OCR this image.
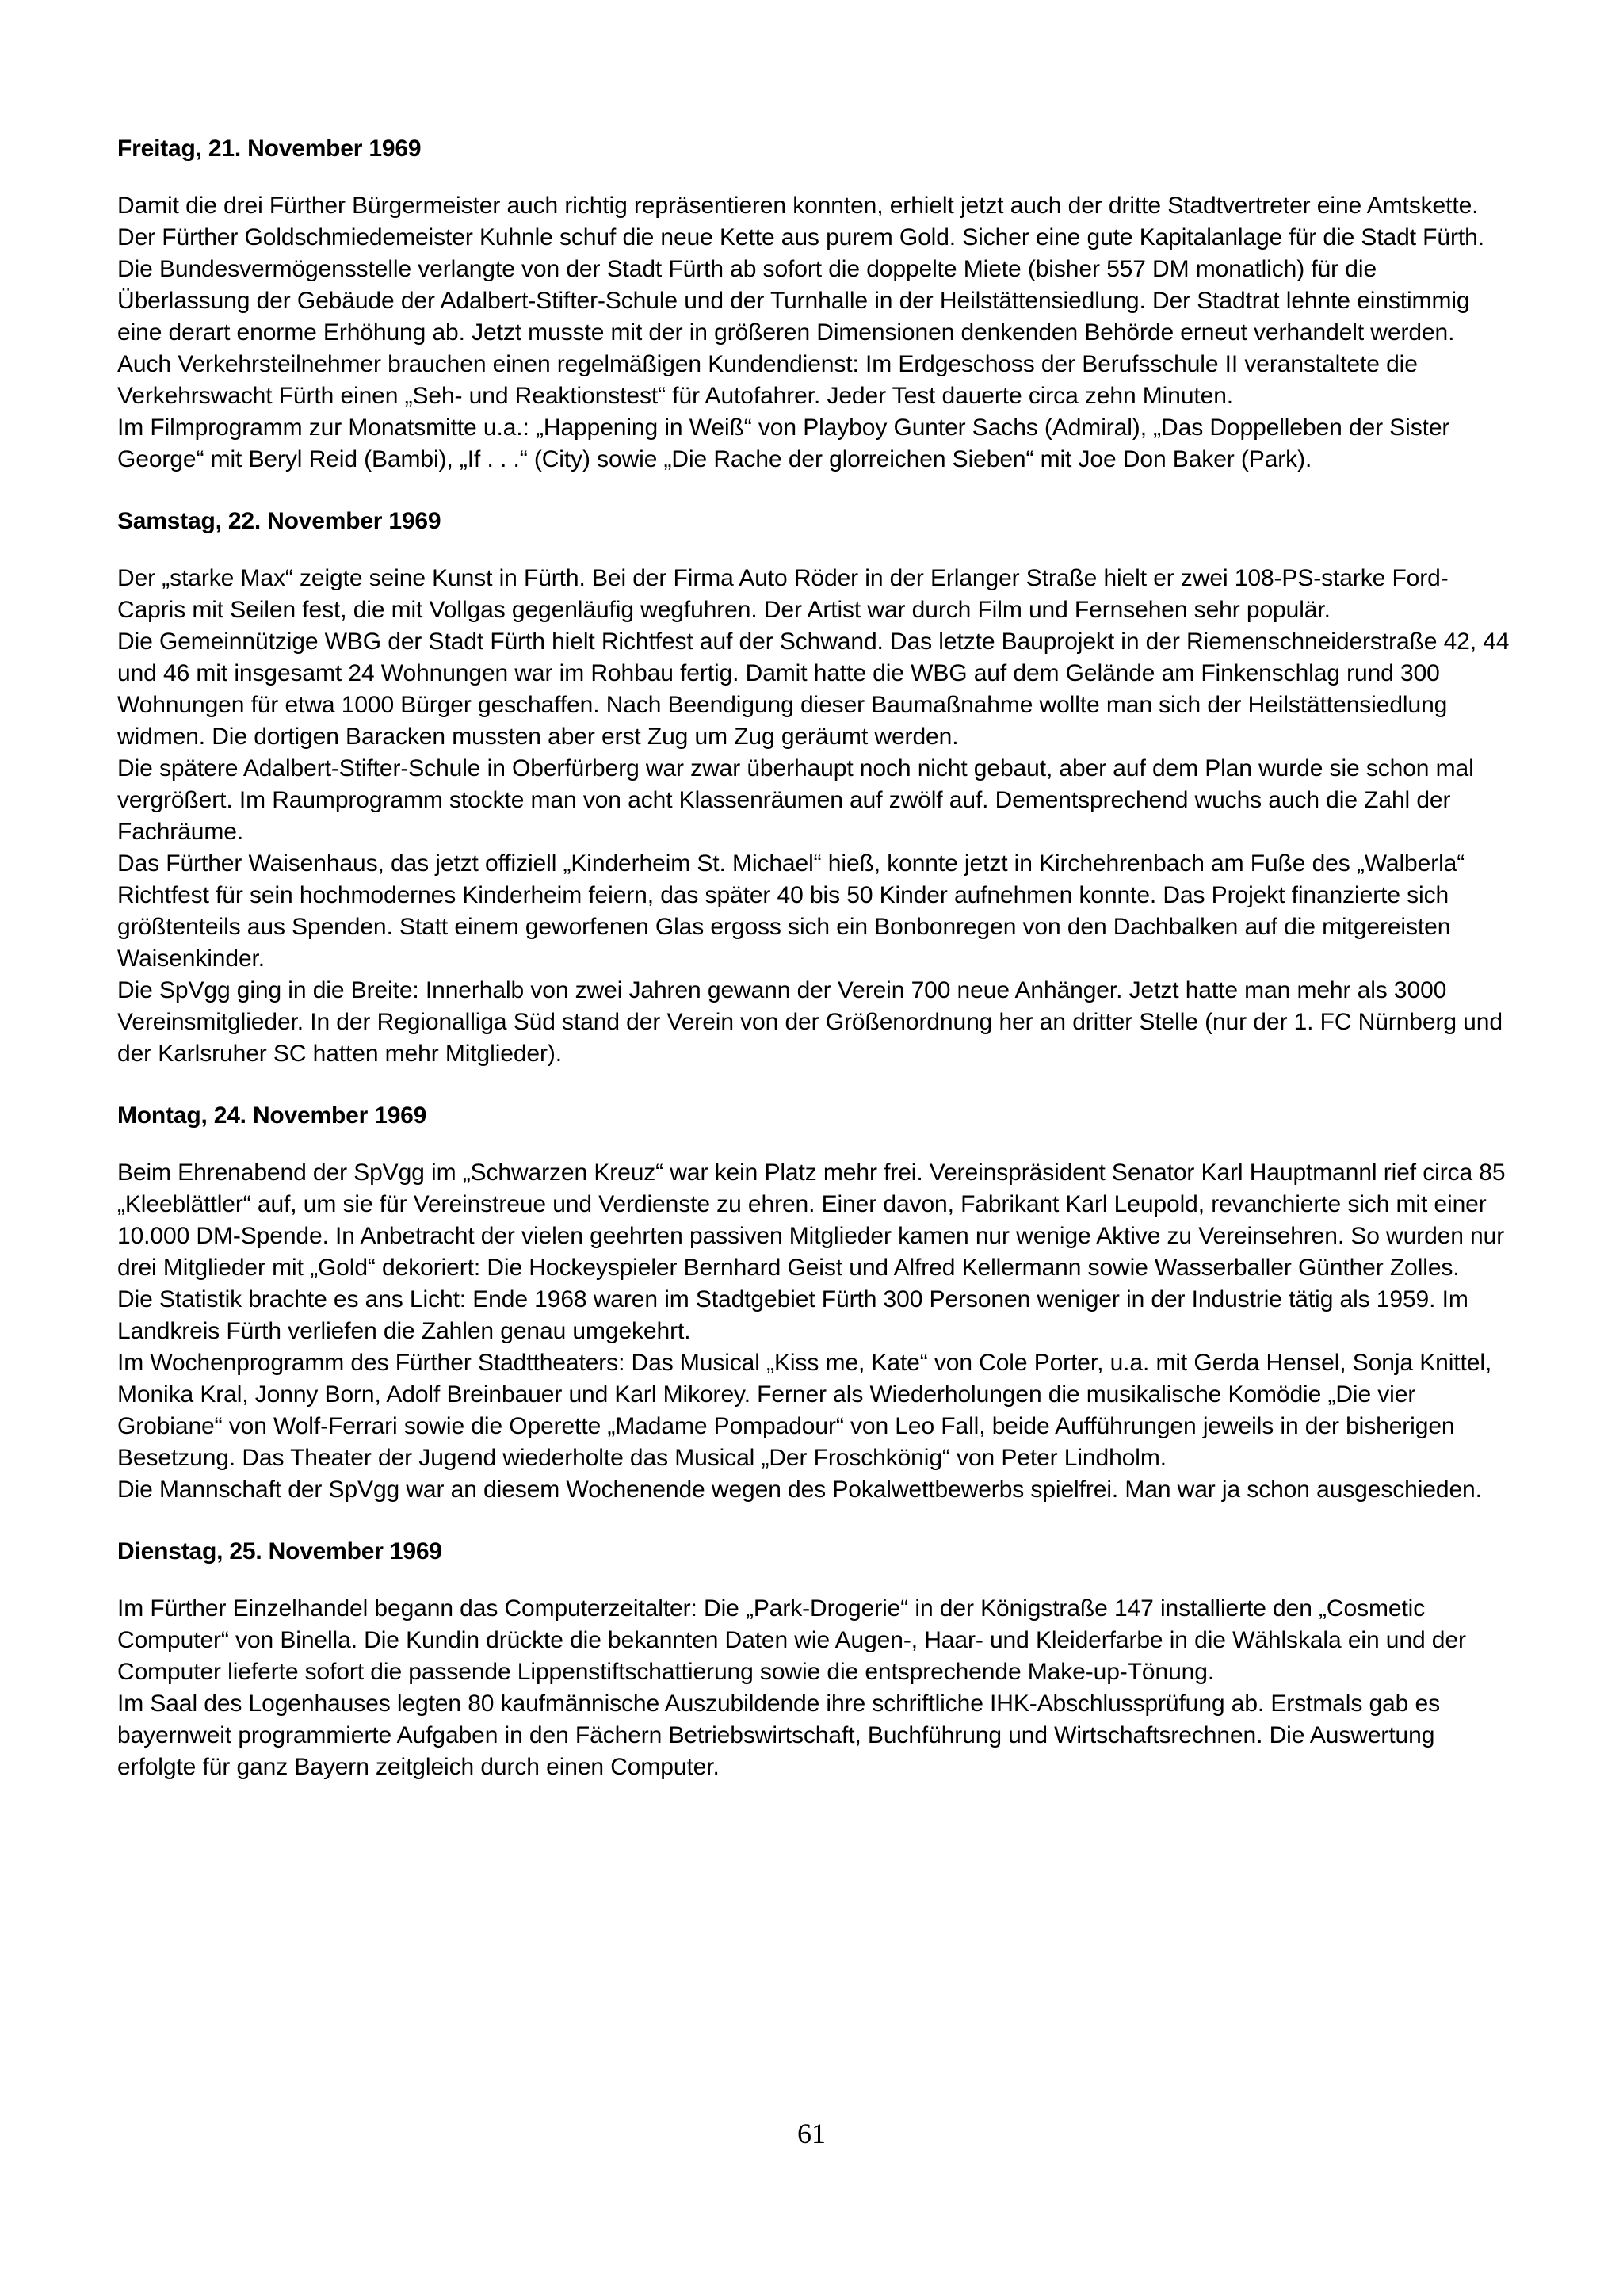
Freitag, 21. November 1969

Damit die drei Fürther Bürgermeister auch richtig repräsentieren konnten, erhielt jetzt auch der dritte Stadtvertreter eine Amtskette. Der Fürther Goldschmiedemeister Kuhnle schuf die neue Kette aus purem Gold. Sicher eine gute Kapitalanlage für die Stadt Fürth.

Die Bundesvermögensstelle verlangte von der Stadt Fürth ab sofort die doppelte Miete (bisher 557 DM monatlich) für die Überlassung der Gebäude der Adalbert-Stifter-Schule und der Turnhalle in der Heilstättensiedlung. Der Stadtrat lehnte einstimmig eine derart enorme Erhöhung ab. Jetzt musste mit der in größeren Dimensionen denkenden Behörde erneut verhandelt werden.

Auch Verkehrsteilnehmer brauchen einen regelmäßigen Kundendienst: Im Erdgeschoss der Berufsschule II veranstaltete die Verkehrswacht Fürth einen „Seh- und Reaktionstest“ für Autofahrer. Jeder Test dauerte circa zehn Minuten.

Im Filmprogramm zur Monatsmitte u.a.: „Happening in Weiß“ von Playboy Gunter Sachs (Admiral), „Das Doppelleben der Sister George“ mit Beryl Reid (Bambi), „If . . .“ (City) sowie „Die Rache der glorreichen Sieben“ mit Joe Don Baker (Park).

Samstag, 22. November 1969

Der „starke Max“ zeigte seine Kunst in Fürth. Bei der Firma Auto Röder in der Erlanger Straße hielt er zwei 108-PS-starke Ford-Capris mit Seilen fest, die mit Vollgas gegenläufig wegfuhren. Der Artist war durch Film und Fernsehen sehr populär.

Die Gemeinnützige WBG der Stadt Fürth hielt Richtfest auf der Schwand. Das letzte Bauprojekt in der Riemenschneiderstraße 42, 44 und 46 mit insgesamt 24 Wohnungen war im Rohbau fertig. Damit hatte die WBG auf dem Gelände am Finkenschlag rund 300 Wohnungen für etwa 1000 Bürger geschaffen. Nach Beendigung dieser Baumaßnahme wollte man sich der Heilstättensiedlung widmen. Die dortigen Baracken mussten aber erst Zug um Zug geräumt werden.

Die spätere Adalbert-Stifter-Schule in Oberfürberg war zwar überhaupt noch nicht gebaut, aber auf dem Plan wurde sie schon mal vergrößert. Im Raumprogramm stockte man von acht Klassenräumen auf zwölf auf. Dementsprechend wuchs auch die Zahl der Fachräume.

Das Fürther Waisenhaus, das jetzt offiziell „Kinderheim St. Michael“ hieß, konnte jetzt in Kirchehrenbach am Fuße des „Walberla“ Richtfest für sein hochmodernes Kinderheim feiern, das später 40 bis 50 Kinder aufnehmen konnte. Das Projekt finanzierte sich größtenteils aus Spenden. Statt einem geworfenen Glas ergoss sich ein Bonbonregen von den Dachbalken auf die mitgereisten Waisenkinder.

Die SpVgg ging in die Breite: Innerhalb von zwei Jahren gewann der Verein 700 neue Anhänger. Jetzt hatte man mehr als 3000 Vereinsmitglieder. In der Regionalliga Süd stand der Verein von der Größenordnung her an dritter Stelle (nur der 1. FC Nürnberg und der Karlsruher SC hatten mehr Mitglieder).

Montag, 24. November 1969

Beim Ehrenabend der SpVgg im „Schwarzen Kreuz“ war kein Platz mehr frei. Vereinspräsident Senator Karl Hauptmannl rief circa 85 „Kleeblättler“ auf, um sie für Vereinstreue und Verdienste zu ehren. Einer davon, Fabrikant Karl Leupold, revanchierte sich mit einer 10.000 DM-Spende. In Anbetracht der vielen geehrten passiven Mitglieder kamen nur wenige Aktive zu Vereinsehren. So wurden nur drei Mitglieder mit „Gold“ dekoriert: Die Hockeyspieler Bernhard Geist und Alfred Kellermann sowie Wasserballer Günther Zolles.

Die Statistik brachte es ans Licht: Ende 1968 waren im Stadtgebiet Fürth 300 Personen weniger in der Industrie tätig als 1959. Im Landkreis Fürth verliefen die Zahlen genau umgekehrt.

Im Wochenprogramm des Fürther Stadttheaters: Das Musical „Kiss me, Kate“ von Cole Porter, u.a. mit Gerda Hensel, Sonja Knittel, Monika Kral, Jonny Born, Adolf Breinbauer und Karl Mikorey. Ferner als Wiederholungen die musikalische Komödie „Die vier Grobiane“ von Wolf-Ferrari sowie die Operette „Madame Pompadour“ von Leo Fall, beide Aufführungen jeweils in der bisherigen Besetzung. Das Theater der Jugend wiederholte das Musical „Der Froschkönig“ von Peter Lindholm.

Die Mannschaft der SpVgg war an diesem Wochenende wegen des Pokalwettbewerbs spielfrei. Man war ja schon ausgeschieden.

Dienstag, 25. November 1969

Im Fürther Einzelhandel begann das Computerzeitalter: Die „Park-Drogerie“ in der Königstraße 147 installierte den „Cosmetic Computer“ von Binella. Die Kundin drückte die bekannten Daten wie Augen-, Haar- und Kleiderfarbe in die Wählskala ein und der Computer lieferte sofort die passende Lippenstiftschattierung sowie die entsprechende Make-up-Tönung.

Im Saal des Logenhauses legten 80 kaufmännische Auszubildende ihre schriftliche IHK-Abschlussprüfung ab. Erstmals gab es bayernweit programmierte Aufgaben in den Fächern Betriebswirtschaft, Buchführung und Wirtschaftsrechnen. Die Auswertung erfolgte für ganz Bayern zeitgleich durch einen Computer.

61
